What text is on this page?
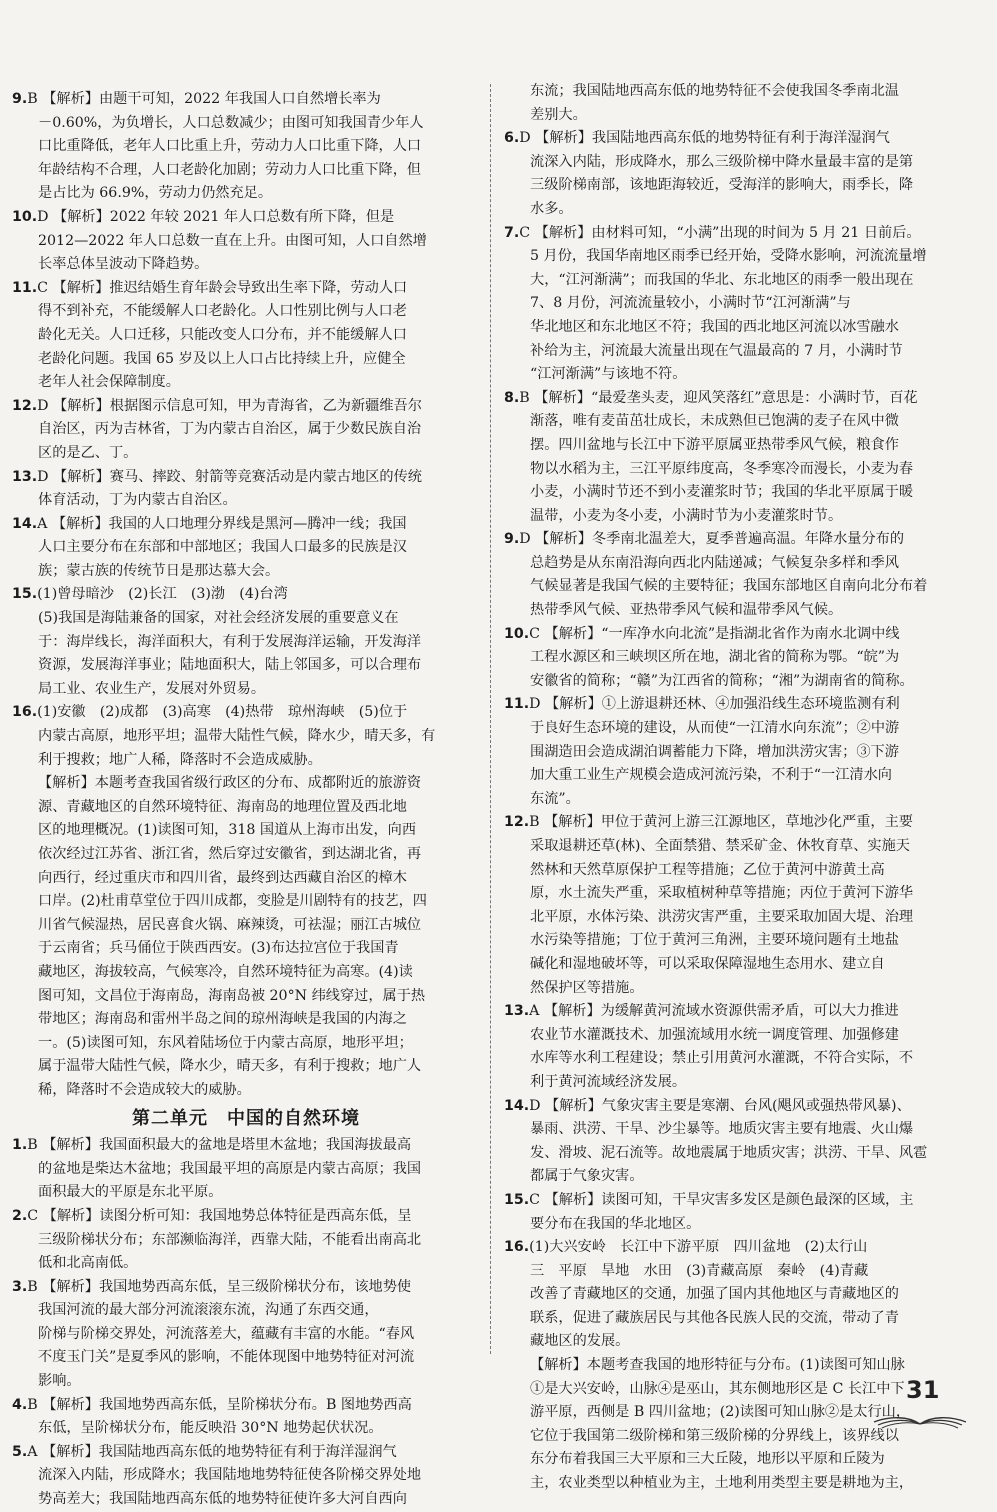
9.B 【解析】由题干可知，2022 年我国人口自然增长率为

－0.60%，为负增长，人口总数减少；由图可知我国青少年人

口比重降低，老年人口比重上升，劳动力人口比重下降，人口

年龄结构不合理，人口老龄化加剧；劳动力人口比重下降，但

是占比为 66.9%，劳动力仍然充足。

10.D 【解析】2022 年较 2021 年人口总数有所下降，但是

2012—2022 年人口总数一直在上升。由图可知，人口自然增

长率总体呈波动下降趋势。

11.C 【解析】推迟结婚生育年龄会导致出生率下降，劳动人口

得不到补充，不能缓解人口老龄化。人口性别比例与人口老

龄化无关。人口迁移，只能改变人口分布，并不能缓解人口

老龄化问题。我国 65 岁及以上人口占比持续上升，应健全

老年人社会保障制度。

12.D 【解析】根据图示信息可知，甲为青海省，乙为新疆维吾尔

自治区，丙为吉林省，丁为内蒙古自治区，属于少数民族自治

区的是乙、丁。

13.D 【解析】赛马、摔跤、射箭等竞赛活动是内蒙古地区的传统

体育活动，丁为内蒙古自治区。

14.A 【解析】我国的人口地理分界线是黑河—腾冲一线；我国

人口主要分布在东部和中部地区；我国人口最多的民族是汉

族；蒙古族的传统节日是那达慕大会。

15.(1)曾母暗沙　(2)长江　(3)渤　(4)台湾

(5)我国是海陆兼备的国家，对社会经济发展的重要意义在

于：海岸线长，海洋面积大，有利于发展海洋运输，开发海洋

资源，发展海洋事业；陆地面积大，陆上邻国多，可以合理布

局工业、农业生产，发展对外贸易。

16.(1)安徽　(2)成都　(3)高寒　(4)热带　琼州海峡　(5)位于

内蒙古高原，地形平坦；温带大陆性气候，降水少，晴天多，有

利于搜救；地广人稀，降落时不会造成威胁。

【解析】本题考查我国省级行政区的分布、成都附近的旅游资

源、青藏地区的自然环境特征、海南岛的地理位置及西北地

区的地理概况。(1)读图可知，318 国道从上海市出发，向西

依次经过江苏省、浙江省，然后穿过安徽省，到达湖北省，再

向西行，经过重庆市和四川省，最终到达西藏自治区的樟木

口岸。(2)杜甫草堂位于四川成都，变脸是川剧特有的技艺，四

川省气候湿热，居民喜食火锅、麻辣烫，可祛湿；丽江古城位

于云南省；兵马俑位于陕西西安。(3)布达拉宫位于我国青

藏地区，海拔较高，气候寒冷，自然环境特征为高寒。(4)读

图可知，文昌位于海南岛，海南岛被 20°N 纬线穿过，属于热

带地区；海南岛和雷州半岛之间的琼州海峡是我国的内海之

一。(5)读图可知，东风着陆场位于内蒙古高原，地形平坦；

属于温带大陆性气候，降水少，晴天多，有利于搜救；地广人

稀，降落时不会造成较大的威胁。

第二单元　中国的自然环境

1.B 【解析】我国面积最大的盆地是塔里木盆地；我国海拔最高

的盆地是柴达木盆地；我国最平坦的高原是内蒙古高原；我国

面积最大的平原是东北平原。

2.C 【解析】读图分析可知：我国地势总体特征是西高东低，呈

三级阶梯状分布；东部濒临海洋，西靠大陆，不能看出南高北

低和北高南低。

3.B 【解析】我国地势西高东低，呈三级阶梯状分布，该地势使

我国河流的最大部分河流滚滚东流，沟通了东西交通，

阶梯与阶梯交界处，河流落差大，蕴藏有丰富的水能。“春风

不度玉门关”是夏季风的影响，不能体现图中地势特征对河流

影响。

4.B 【解析】我国地势西高东低，呈阶梯状分布。B 图地势西高

东低，呈阶梯状分布，能反映沿 30°N 地势起伏状况。

5.A 【解析】我国陆地西高东低的地势特征有利于海洋湿润气

流深入内陆，形成降水；我国陆地地势特征使各阶梯交界处地

势高差大；我国陆地西高东低的地势特征使许多大河自西向

东流；我国陆地西高东低的地势特征不会使我国冬季南北温

差别大。

6.D 【解析】我国陆地西高东低的地势特征有利于海洋湿润气

流深入内陆，形成降水，那么三级阶梯中降水量最丰富的是第

三级阶梯南部，该地距海较近，受海洋的影响大，雨季长，降

水多。

7.C 【解析】由材料可知，“小满”出现的时间为 5 月 21 日前后。

5 月份，我国华南地区雨季已经开始，受降水影响，河流流量增

大，“江河渐满”；而我国的华北、东北地区的雨季一般出现在

7、8 月份，河流流量较小，小满时节“江河渐满”与

华北地区和东北地区不符；我国的西北地区河流以冰雪融水

补给为主，河流最大流量出现在气温最高的 7 月，小满时节

“江河渐满”与该地不符。

8.B 【解析】“最爱垄头麦，迎风笑落红”意思是：小满时节，百花

渐落，唯有麦苗茁壮成长，未成熟但已饱满的麦子在风中微

摆。四川盆地与长江中下游平原属亚热带季风气候，粮食作

物以水稻为主，三江平原纬度高，冬季寒冷而漫长，小麦为春

小麦，小满时节还不到小麦灌浆时节；我国的华北平原属于暖

温带，小麦为冬小麦，小满时节为小麦灌浆时节。

9.D 【解析】冬季南北温差大，夏季普遍高温。年降水量分布的

总趋势是从东南沿海向西北内陆递减；气候复杂多样和季风

气候显著是我国气候的主要特征；我国东部地区自南向北分布着

热带季风气候、亚热带季风气候和温带季风气候。

10.C 【解析】“一库净水向北流”是指湖北省作为南水北调中线

工程水源区和三峡坝区所在地，湖北省的简称为鄂。“皖”为

安徽省的简称；“赣”为江西省的简称；“湘”为湖南省的简称。

11.D 【解析】①上游退耕还林、④加强沿线生态环境监测有利

于良好生态环境的建设，从而使“一江清水向东流”；②中游

围湖造田会造成湖泊调蓄能力下降，增加洪涝灾害；③下游

加大重工业生产规模会造成河流污染，不利于“一江清水向

东流”。

12.B 【解析】甲位于黄河上游三江源地区，草地沙化严重，主要

采取退耕还草(林)、全面禁猎、禁采矿金、休牧育草、实施天

然林和天然草原保护工程等措施；乙位于黄河中游黄土高

原，水土流失严重，采取植树种草等措施；丙位于黄河下游华

北平原，水体污染、洪涝灾害严重，主要采取加固大堤、治理

水污染等措施；丁位于黄河三角洲，主要环境问题有土地盐

碱化和湿地破坏等，可以采取保障湿地生态用水、建立自

然保护区等措施。

13.A 【解析】为缓解黄河流域水资源供需矛盾，可以大力推进

农业节水灌溉技术、加强流域用水统一调度管理、加强修建

水库等水利工程建设；禁止引用黄河水灌溉，不符合实际，不

利于黄河流域经济发展。

14.D 【解析】气象灾害主要是寒潮、台风(飓风或强热带风暴)、

暴雨、洪涝、干旱、沙尘暴等。地质灾害主要有地震、火山爆

发、滑坡、泥石流等。故地震属于地质灾害；洪涝、干旱、风雹

都属于气象灾害。

15.C 【解析】读图可知，干旱灾害多发区是颜色最深的区域，主

要分布在我国的华北地区。

16.(1)大兴安岭　长江中下游平原　四川盆地　(2)太行山

三　平原　旱地　水田　(3)青藏高原　秦岭　(4)青藏

改善了青藏地区的交通，加强了国内其他地区与青藏地区的

联系，促进了藏族居民与其他各民族人民的交流，带动了青

藏地区的发展。

【解析】本题考查我国的地形特征与分布。(1)读图可知山脉

①是大兴安岭，山脉④是巫山，其东侧地形区是 C 长江中下

游平原，西侧是 B 四川盆地；(2)读图可知山脉②是太行山，

它位于我国第二级阶梯和第三级阶梯的分界线上，该界线以

东分布着我国三大平原和三大丘陵，地形以平原和丘陵为

主，农业类型以种植业为主，土地利用类型主要是耕地为主，

31
